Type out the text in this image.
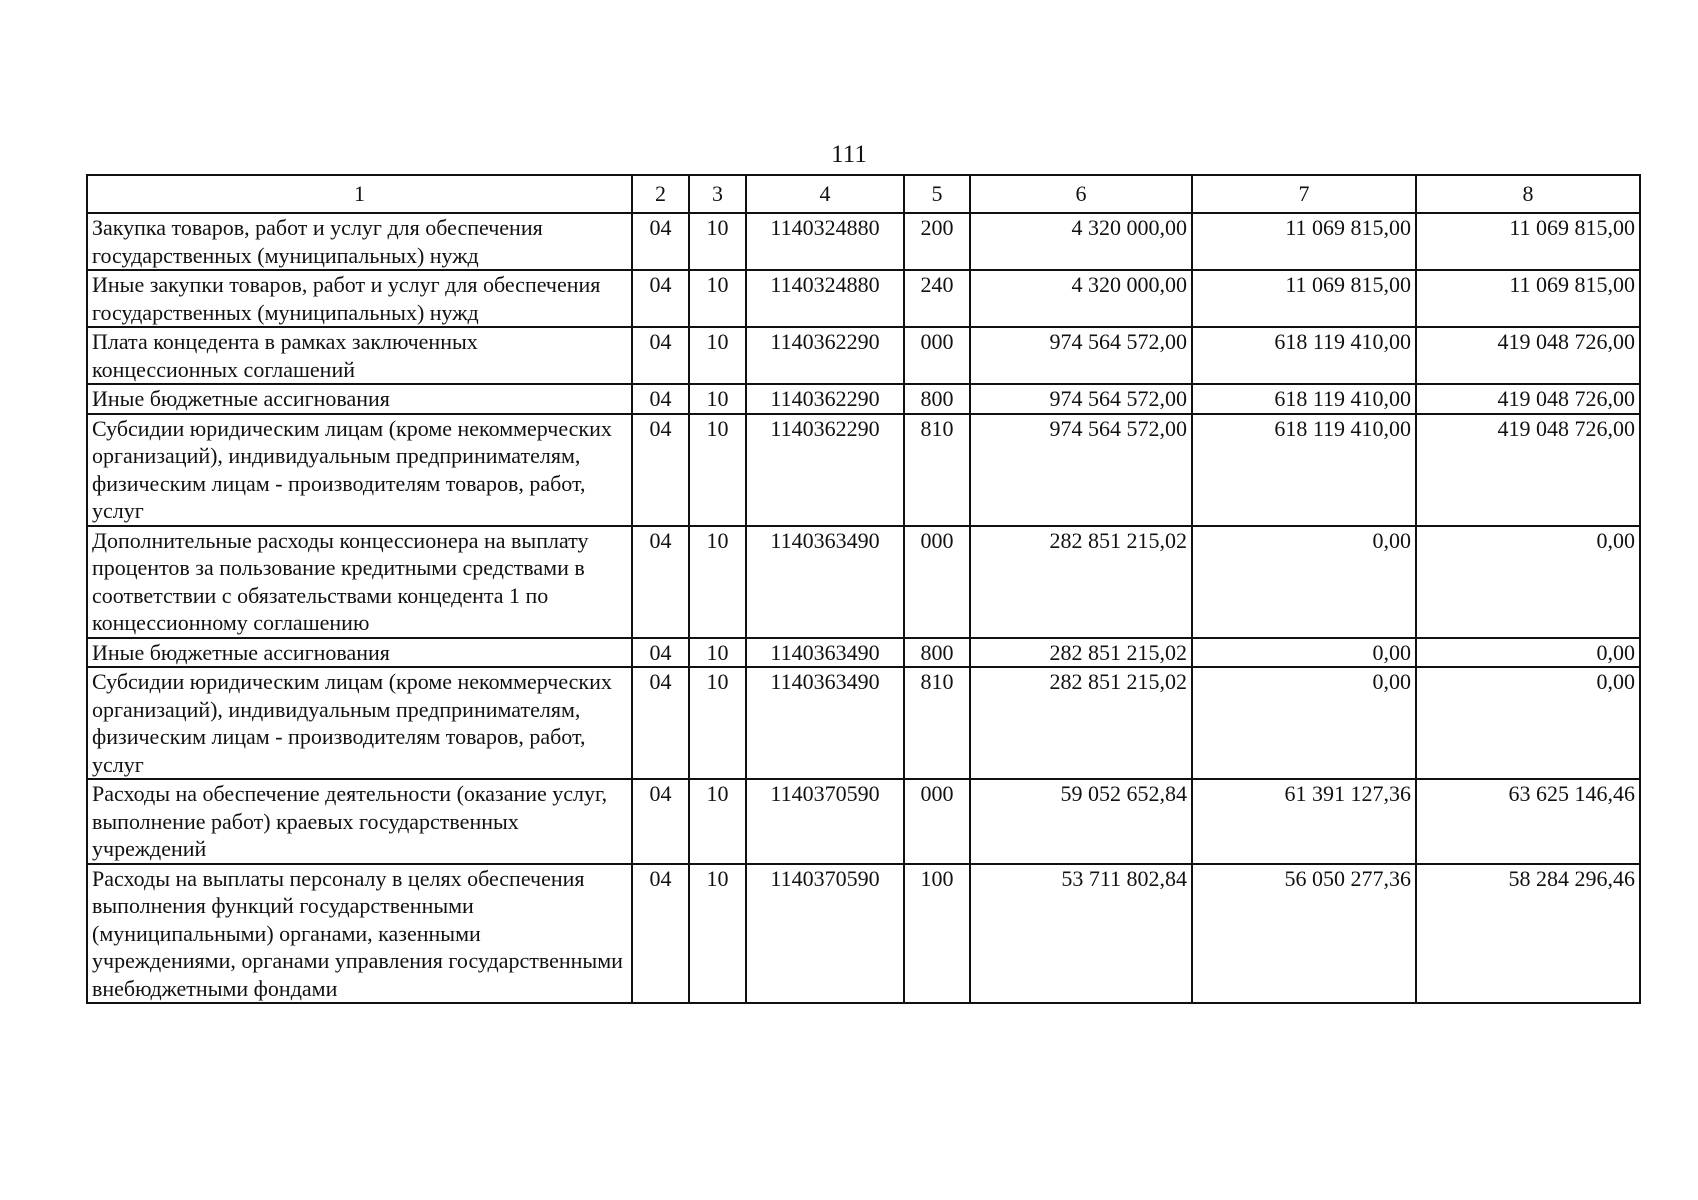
111
1	2	3	4	5	6	7	8
Закупка товаров, работ и услуг для обеспечения государственных (муниципальных) нужд	04	10	1140324880	200	4 320 000,00	11 069 815,00	11 069 815,00
Иные закупки товаров, работ и услуг для обеспечения государственных (муниципальных) нужд	04	10	1140324880	240	4 320 000,00	11 069 815,00	11 069 815,00
Плата концедента в рамках заключенных концессионных соглашений	04	10	1140362290	000	974 564 572,00	618 119 410,00	419 048 726,00
Иные бюджетные ассигнования	04	10	1140362290	800	974 564 572,00	618 119 410,00	419 048 726,00
Субсидии юридическим лицам (кроме некоммерческих организаций), индивидуальным предпринимателям, физическим лицам - производителям товаров, работ, услуг	04	10	1140362290	810	974 564 572,00	618 119 410,00	419 048 726,00
Дополнительные расходы концессионера на выплату процентов за пользование кредитными средствами в соответствии с обязательствами концедента 1 по концессионному соглашению	04	10	1140363490	000	282 851 215,02	0,00	0,00
Иные бюджетные ассигнования	04	10	1140363490	800	282 851 215,02	0,00	0,00
Субсидии юридическим лицам (кроме некоммерческих организаций), индивидуальным предпринимателям, физическим лицам - производителям товаров, работ, услуг	04	10	1140363490	810	282 851 215,02	0,00	0,00
Расходы на обеспечение деятельности (оказание услуг, выполнение работ) краевых государственных учреждений	04	10	1140370590	000	59 052 652,84	61 391 127,36	63 625 146,46
Расходы на выплаты персоналу в целях обеспечения выполнения функций государственными (муниципальными) органами, казенными учреждениями, органами управления государственными внебюджетными фондами	04	10	1140370590	100	53 711 802,84	56 050 277,36	58 284 296,46
